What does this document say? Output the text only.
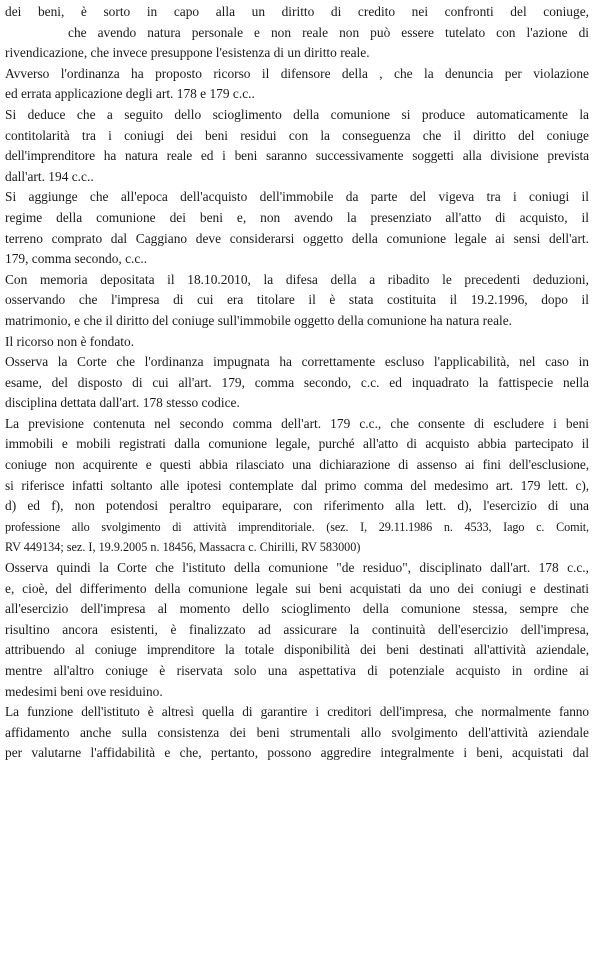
dei beni, è sorto in capo alla un diritto di credito nei confronti del coniuge,
che avendo natura personale e non reale non può essere tutelato con l'azione di
rivendicazione, che invece presuppone l'esistenza di un diritto reale.
Avverso l'ordinanza ha proposto ricorso il difensore della , che la denuncia per violazione
ed errata applicazione degli art. 178 e 179 c.c..
Si deduce che a seguito dello scioglimento della comunione si produce automaticamente la
contitolarità tra i coniugi dei beni residui con la conseguenza che il diritto del coniuge
dell'imprenditore ha natura reale ed i beni saranno successivamente soggetti alla divisione prevista
dall'art. 194 c.c..
Si aggiunge che all'epoca dell'acquisto dell'immobile da parte del vigeva tra i coniugi il
regime della comunione dei beni e, non avendo la presenziato all'atto di acquisto, il
terreno comprato dal Caggiano deve considerarsi oggetto della comunione legale ai sensi dell'art.
179, comma secondo, c.c..
Con memoria depositata il 18.10.2010, la difesa della a ribadito le precedenti deduzioni,
osservando che l'impresa di cui era titolare il è stata costituita il 19.2.1996, dopo il
matrimonio, e che il diritto del coniuge sull'immobile oggetto della comunione ha natura reale.
Il ricorso non è fondato.
Osserva la Corte che l'ordinanza impugnata ha correttamente escluso l'applicabilità, nel caso in
esame, del disposto di cui all'art. 179, comma secondo, c.c. ed inquadrato la fattispecie nella
disciplina dettata dall'art. 178 stesso codice.
La previsione contenuta nel secondo comma dell'art. 179 c.c., che consente di escludere i beni
immobili e mobili registrati dalla comunione legale, purché all'atto di acquisto abbia partecipato il
coniuge non acquirente e questi abbia rilasciato una dichiarazione di assenso ai fini dell'esclusione,
si riferisce infatti soltanto alle ipotesi contemplate dal primo comma del medesimo art. 179 lett. c),
d) ed f), non potendosi peraltro equiparare, con riferimento alla lett. d), l'esercizio di una
professione allo svolgimento di attività imprenditoriale. (sez. I, 29.11.1986 n. 4533, Iago c. Comit,
RV 449134; sez. I, 19.9.2005 n. 18456, Massacra c. Chirilli, RV 583000)
Osserva quindi la Corte che l'istituto della comunione "de residuo", disciplinato dall'art. 178 c.c.,
e, cioè, del differimento della comunione legale sui beni acquistati da uno dei coniugi e destinati
all'esercizio dell'impresa al momento dello scioglimento della comunione stessa, sempre che
risultino ancora esistenti, è finalizzato ad assicurare la continuità dell'esercizio dell'impresa,
attribuendo al coniuge imprenditore la totale disponibilità dei beni destinati all'attività aziendale,
mentre all'altro coniuge è riservata solo una aspettativa di potenziale acquisto in ordine ai
medesimi beni ove residuino.
La funzione dell'istituto è altresì quella di garantire i creditori dell'impresa, che normalmente fanno
affidamento anche sulla consistenza dei beni strumentali allo svolgimento dell'attività aziendale
per valutarne l'affidabilità e che, pertanto, possono aggredire integralmente i beni, acquistati dal
